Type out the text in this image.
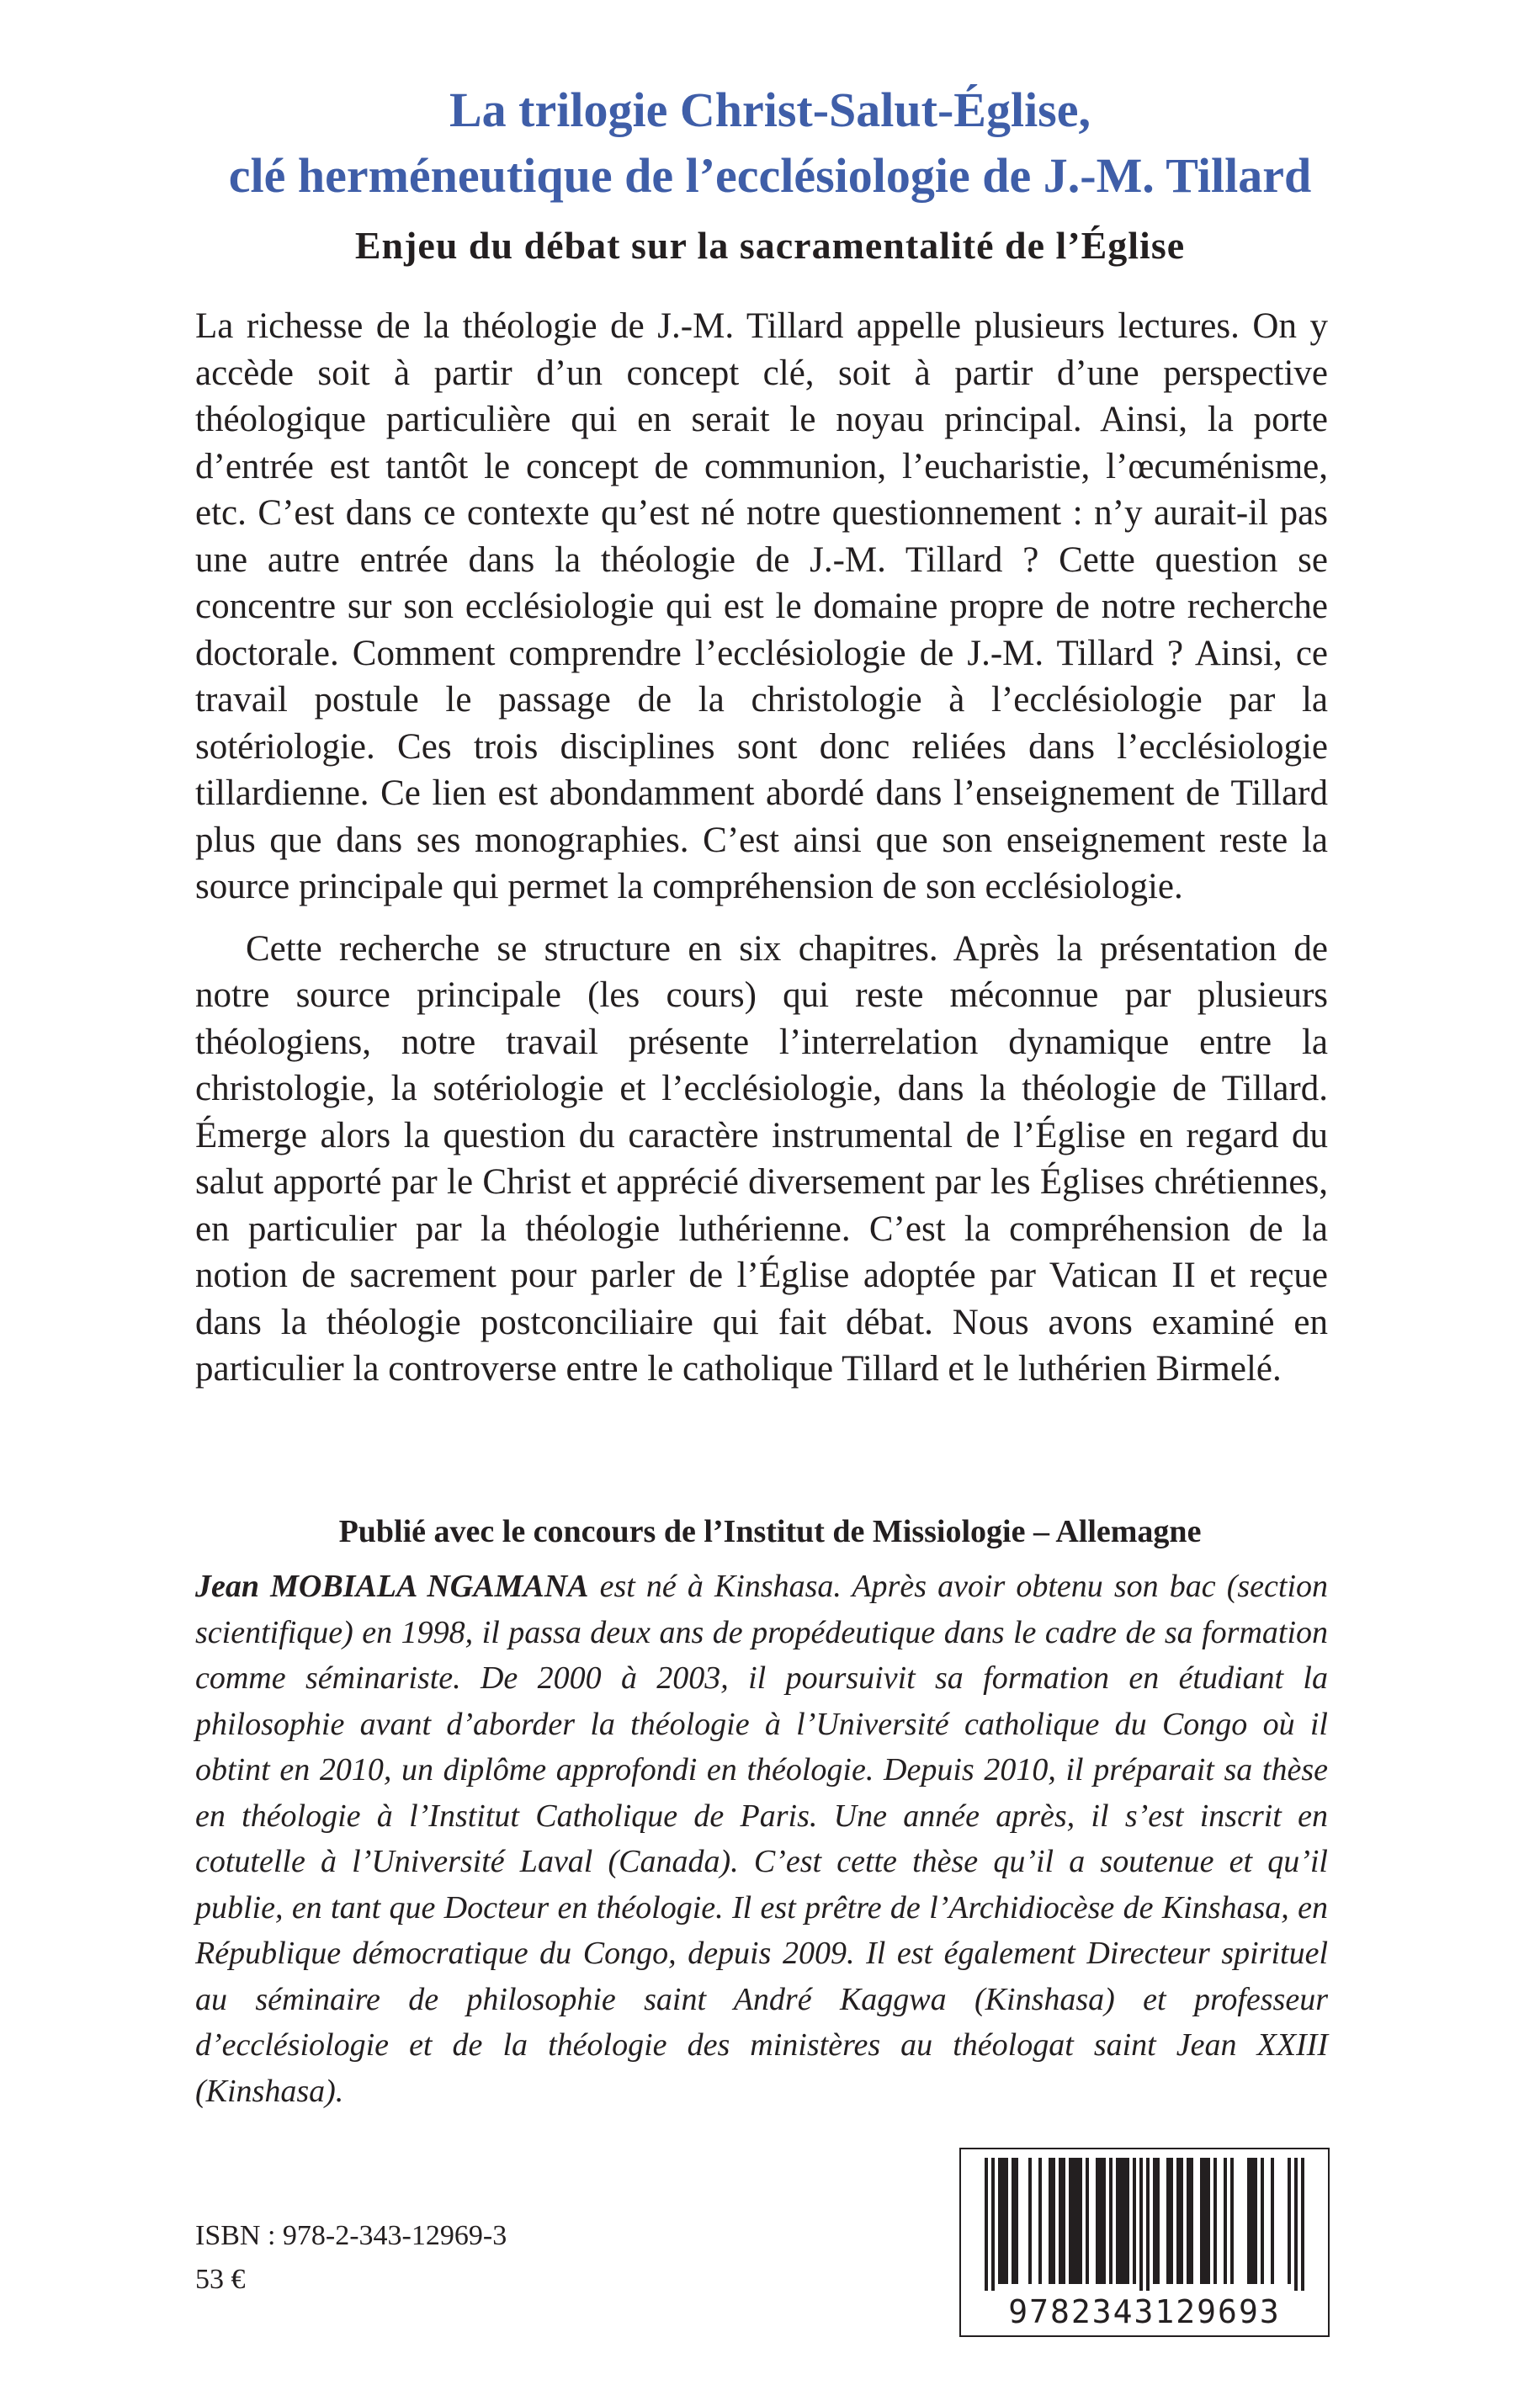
La trilogie Christ-Salut-Église,
clé herméneutique de l’ecclésiologie de J.-M. Tillard
Enjeu du débat sur la sacramentalité de l’Église

La richesse de la théologie de J.-M. Tillard appelle plusieurs lectures. On y accède soit à partir d’un concept clé, soit à partir d’une perspective théologique particulière qui en serait le noyau principal. Ainsi, la porte d’entrée est tantôt le concept de communion, l’eucharistie, l’œcuménisme, etc. C’est dans ce contexte qu’est né notre questionnement : n’y aurait-il pas une autre entrée dans la théologie de J.-M. Tillard ? Cette question se concentre sur son ecclésiologie qui est le domaine propre de notre recherche doctorale. Comment comprendre l’ecclésiologie de J.-M. Tillard ? Ainsi, ce travail postule le passage de la christologie à l’ecclésiologie par la sotériologie. Ces trois disciplines sont donc reliées dans l’ecclésiologie tillardienne. Ce lien est abondamment abordé dans l’enseignement de Tillard plus que dans ses monographies. C’est ainsi que son enseignement reste la source principale qui permet la compréhension de son ecclésiologie.

Cette recherche se structure en six chapitres. Après la présentation de notre source principale (les cours) qui reste méconnue par plusieurs théologiens, notre travail présente l’interrelation dynamique entre la christologie, la sotériologie et l’ecclésiologie, dans la théologie de Tillard. Émerge alors la question du caractère instrumental de l’Église en regard du salut apporté par le Christ et apprécié diversement par les Églises chrétiennes, en particulier par la théologie luthérienne. C’est la compréhension de la notion de sacrement pour parler de l’Église adoptée par Vatican II et reçue dans la théologie postconciliaire qui fait débat. Nous avons examiné en particulier la controverse entre le catholique Tillard et le luthérien Birmelé.

Publié avec le concours de l’Institut de Missiologie – Allemagne

Jean MOBIALA NGAMANA est né à Kinshasa. Après avoir obtenu son bac (section scientifique) en 1998, il passa deux ans de propédeutique dans le cadre de sa formation comme séminariste. De 2000 à 2003, il poursuivit sa formation en étudiant la philosophie avant d’aborder la théologie à l’Université catholique du Congo où il obtint en 2010, un diplôme approfondi en théologie. Depuis 2010, il préparait sa thèse en théologie à l’Institut Catholique de Paris. Une année après, il s’est inscrit en cotutelle à l’Université Laval (Canada). C’est cette thèse qu’il a soutenue et qu’il publie, en tant que Docteur en théologie. Il est prêtre de l’Archidiocèse de Kinshasa, en République démocratique du Congo, depuis 2009. Il est également Directeur spirituel au séminaire de philosophie saint André Kaggwa (Kinshasa) et professeur d’ecclésiologie et de la théologie des ministères au théologat saint Jean XXIII (Kinshasa).

ISBN : 978-2-343-12969-3

53 €

9782343129693
